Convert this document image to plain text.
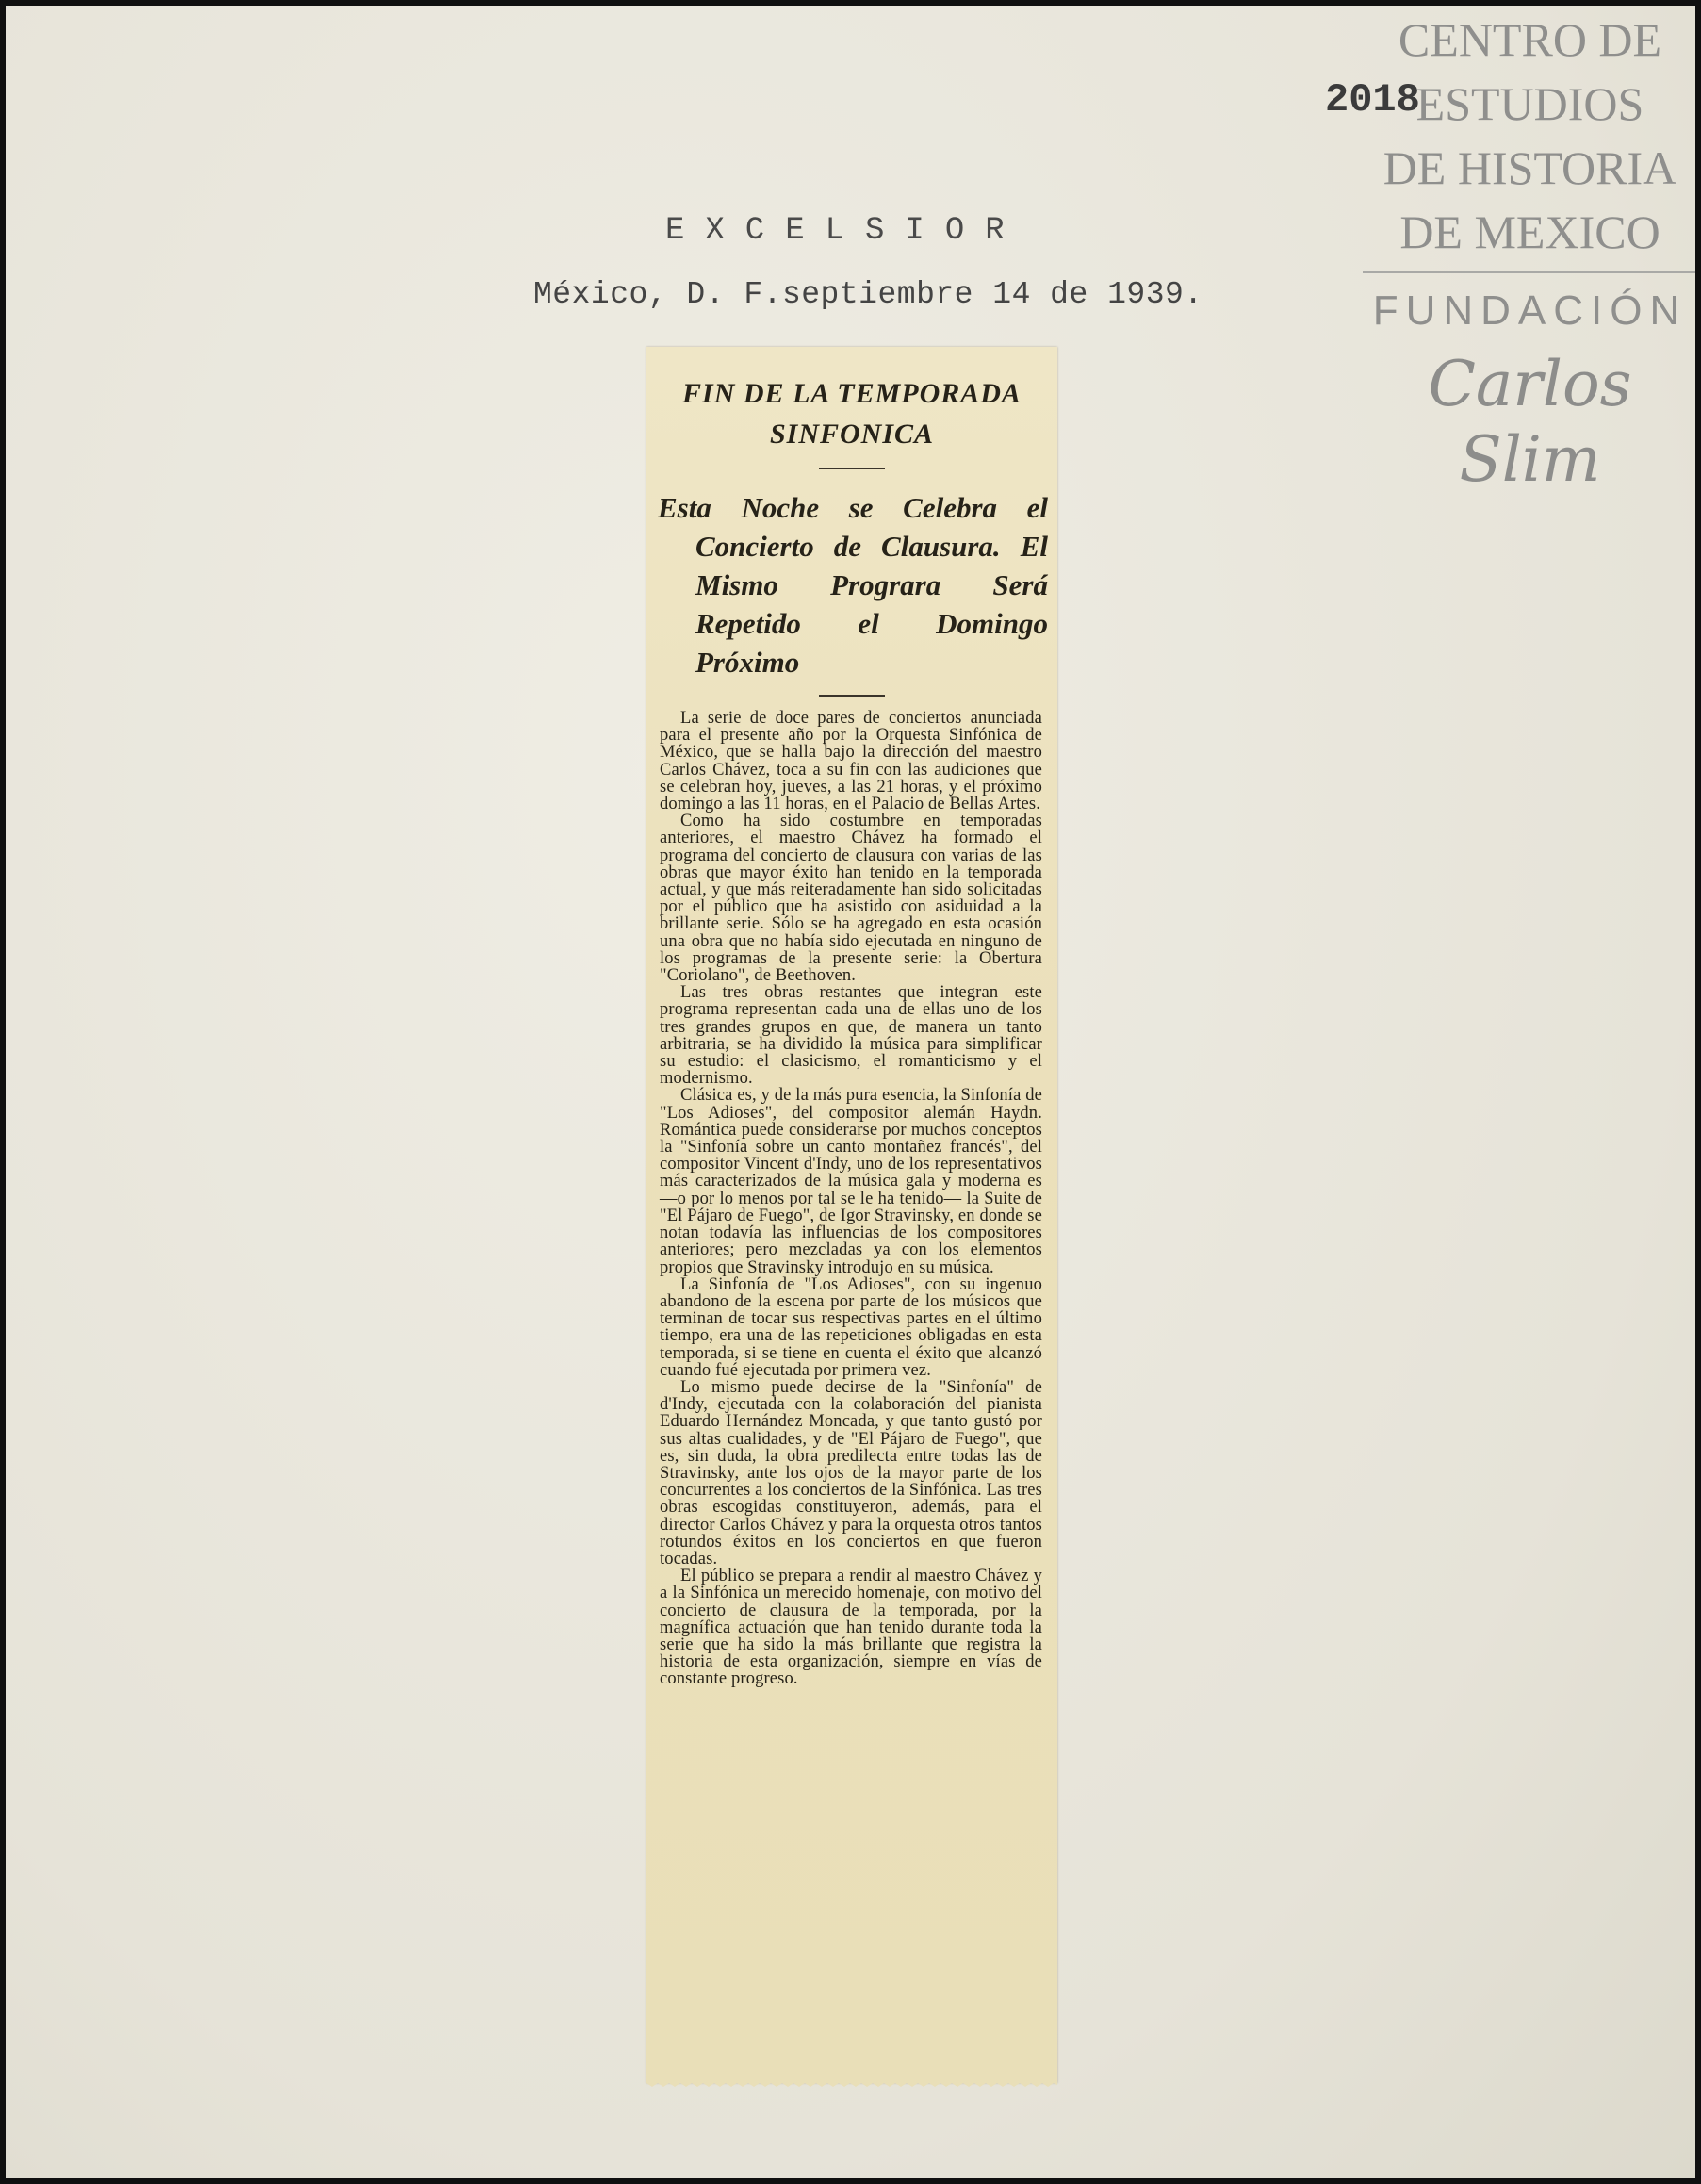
CENTRO DE
ESTUDIOS
DE HISTORIA
DE MEXICO
FUNDACIÓN
Carlos Slim
2018
EXCELSIOR
México, D. F.septiembre 14 de 1939.
FIN DE LA TEMPORADA
SINFONICA
Esta Noche se Celebra el Concierto de Clausura. El Mismo Prograra Será Repetido el Domingo Próximo

La serie de doce pares de conciertos anunciada para el presente año por la Orquesta Sinfónica de México, que se halla bajo la dirección del maestro Carlos Chávez, toca a su fin con las audiciones que se celebran hoy, jueves, a las 21 horas, y el próximo domingo a las 11 horas, en el Palacio de Bellas Artes.

Como ha sido costumbre en temporadas anteriores, el maestro Chávez ha formado el programa del concierto de clausura con varias de las obras que mayor éxito han tenido en la temporada actual, y que más reiteradamente han sido solicitadas por el público que ha asistido con asiduidad a la brillante serie. Sólo se ha agregado en esta ocasión una obra que no había sido ejecutada en ninguno de los programas de la presente serie: la Obertura "Coriolano", de Beethoven.

Las tres obras restantes que integran este programa representan cada una de ellas uno de los tres grandes grupos en que, de manera un tanto arbitraria, se ha dividido la música para simplificar su estudio: el clasicismo, el romanticismo y el modernismo.

Clásica es, y de la más pura esencia, la Sinfonía de "Los Adioses", del compositor alemán Haydn. Romántica puede considerarse por muchos conceptos la "Sinfonía sobre un canto montañez francés", del compositor Vincent d'Indy, uno de los representativos más caracterizados de la música gala y moderna es —o por lo menos por tal se le ha tenido— la Suite de "El Pájaro de Fuego", de Igor Stravinsky, en donde se notan todavía las influencias de los compositores anteriores; pero mezcladas ya con los elementos propios que Stravinsky introdujo en su música.

La Sinfonía de "Los Adioses", con su ingenuo abandono de la escena por parte de los músicos que terminan de tocar sus respectivas partes en el último tiempo, era una de las repeticiones obligadas en esta temporada, si se tiene en cuenta el éxito que alcanzó cuando fué ejecutada por primera vez.

Lo mismo puede decirse de la "Sinfonía" de d'Indy, ejecutada con la colaboración del pianista Eduardo Hernández Moncada, y que tanto gustó por sus altas cualidades, y de "El Pájaro de Fuego", que es, sin duda, la obra predilecta entre todas las de Stravinsky, ante los ojos de la mayor parte de los concurrentes a los conciertos de la Sinfónica. Las tres obras escogidas constituyeron, además, para el director Carlos Chávez y para la orquesta otros tantos rotundos éxitos en los conciertos en que fueron tocadas.

El público se prepara a rendir al maestro Chávez y a la Sinfónica un merecido homenaje, con motivo del concierto de clausura de la temporada, por la magnífica actuación que han tenido durante toda la serie que ha sido la más brillante que registra la historia de esta organización, siempre en vías de constante progreso.
